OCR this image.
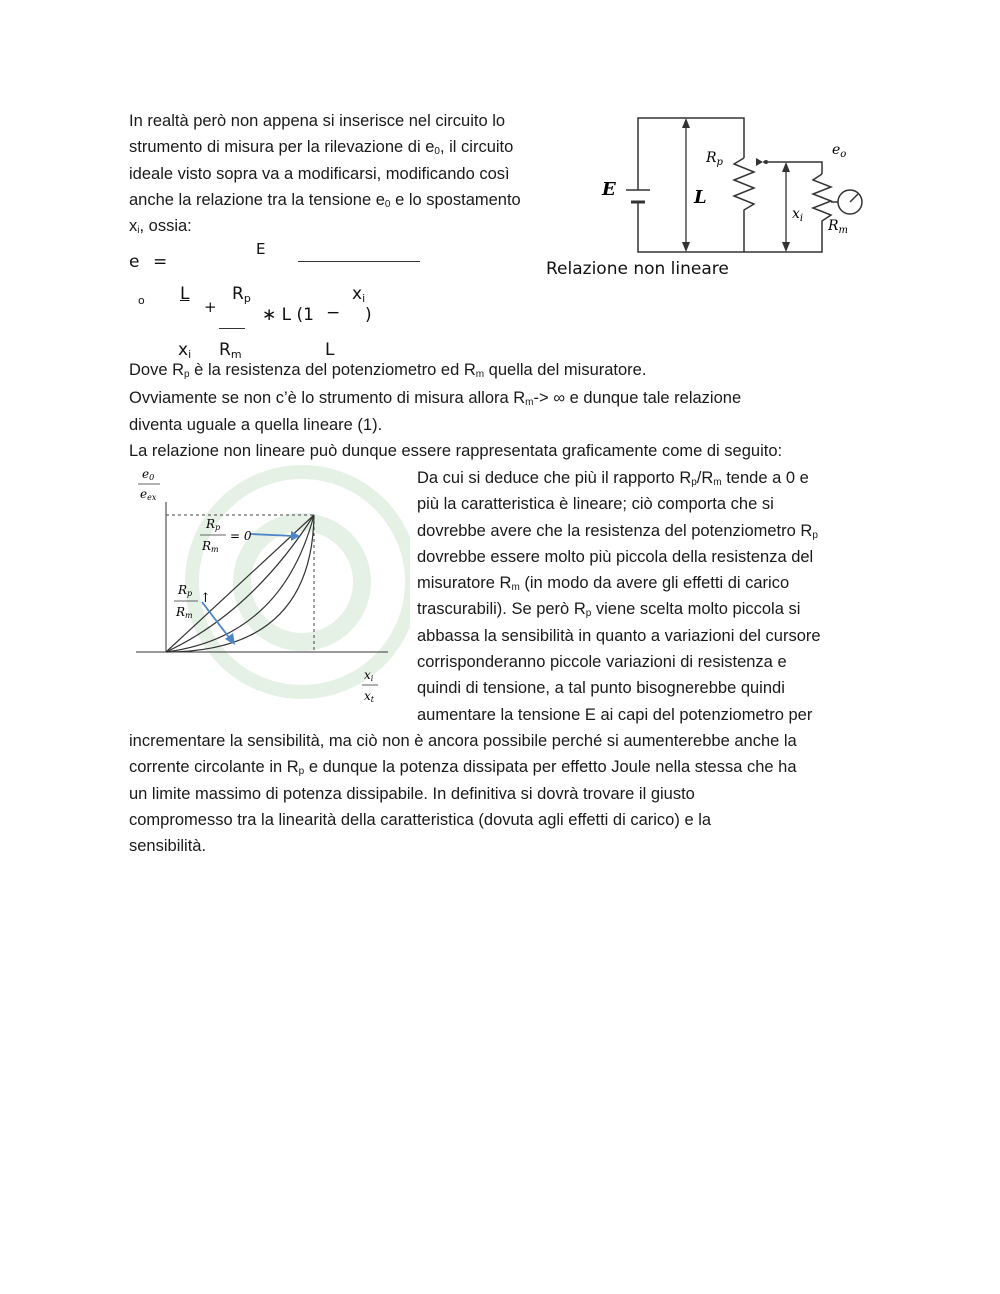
In realtà però non appena si inserisce nel circuito lo
strumento di misura per la rilevazione di $e_0$, il circuito
ideale visto sopra va a modificarsi, modificando così
anche la relazione tra la tensione $e_0$ e lo spostamento
$x_i$, ossia:
E	L
$R_p$
$e_o$
$x_i$ $R_m$
Relazione non lineare
e =
o
E
L
+
Rp
∗ L (1 −
xi
)
xi Rm	L
Dove $R_p$ è la resistenza del potenziometro ed $R_m$ quella del misuratore.
Ovviamente se non c’è lo strumento di misura allora $R_m->$ ∞ e dunque tale relazione
diventa uguale a quella lineare (1).
La relazione non lineare può dunque essere rappresentata graficamente come di seguito:
e0
eex
xi
xt
Rp
Rm
= 0
Rp
Rm
↑
Da cui si deduce che più il rapporto $R_p/R_m$ tende a 0 e
più la caratteristica è lineare; ciò comporta che si
dovrebbe avere che la resistenza del potenziometro $R_p$
dovrebbe essere molto più piccola della resistenza del
misuratore $R_m$ (in modo da avere gli effetti di carico
trascurabili). Se però $R_p$ viene scelta molto piccola si
abbassa la sensibilità in quanto a variazioni del cursore
corrisponderanno piccole variazioni di resistenza e
quindi di tensione, a tal punto bisognerebbe quindi
aumentare la tensione E ai capi del potenziometro per
incrementare la sensibilità, ma ciò non è ancora possibile perché si aumenterebbe anche la
corrente circolante in $R_p$ e dunque la potenza dissipata per effetto Joule nella stessa che ha
un limite massimo di potenza dissipabile. In definitiva si dovrà trovare il giusto
compromesso tra la linearità della caratteristica (dovuta agli effetti di carico) e la
sensibilità.
